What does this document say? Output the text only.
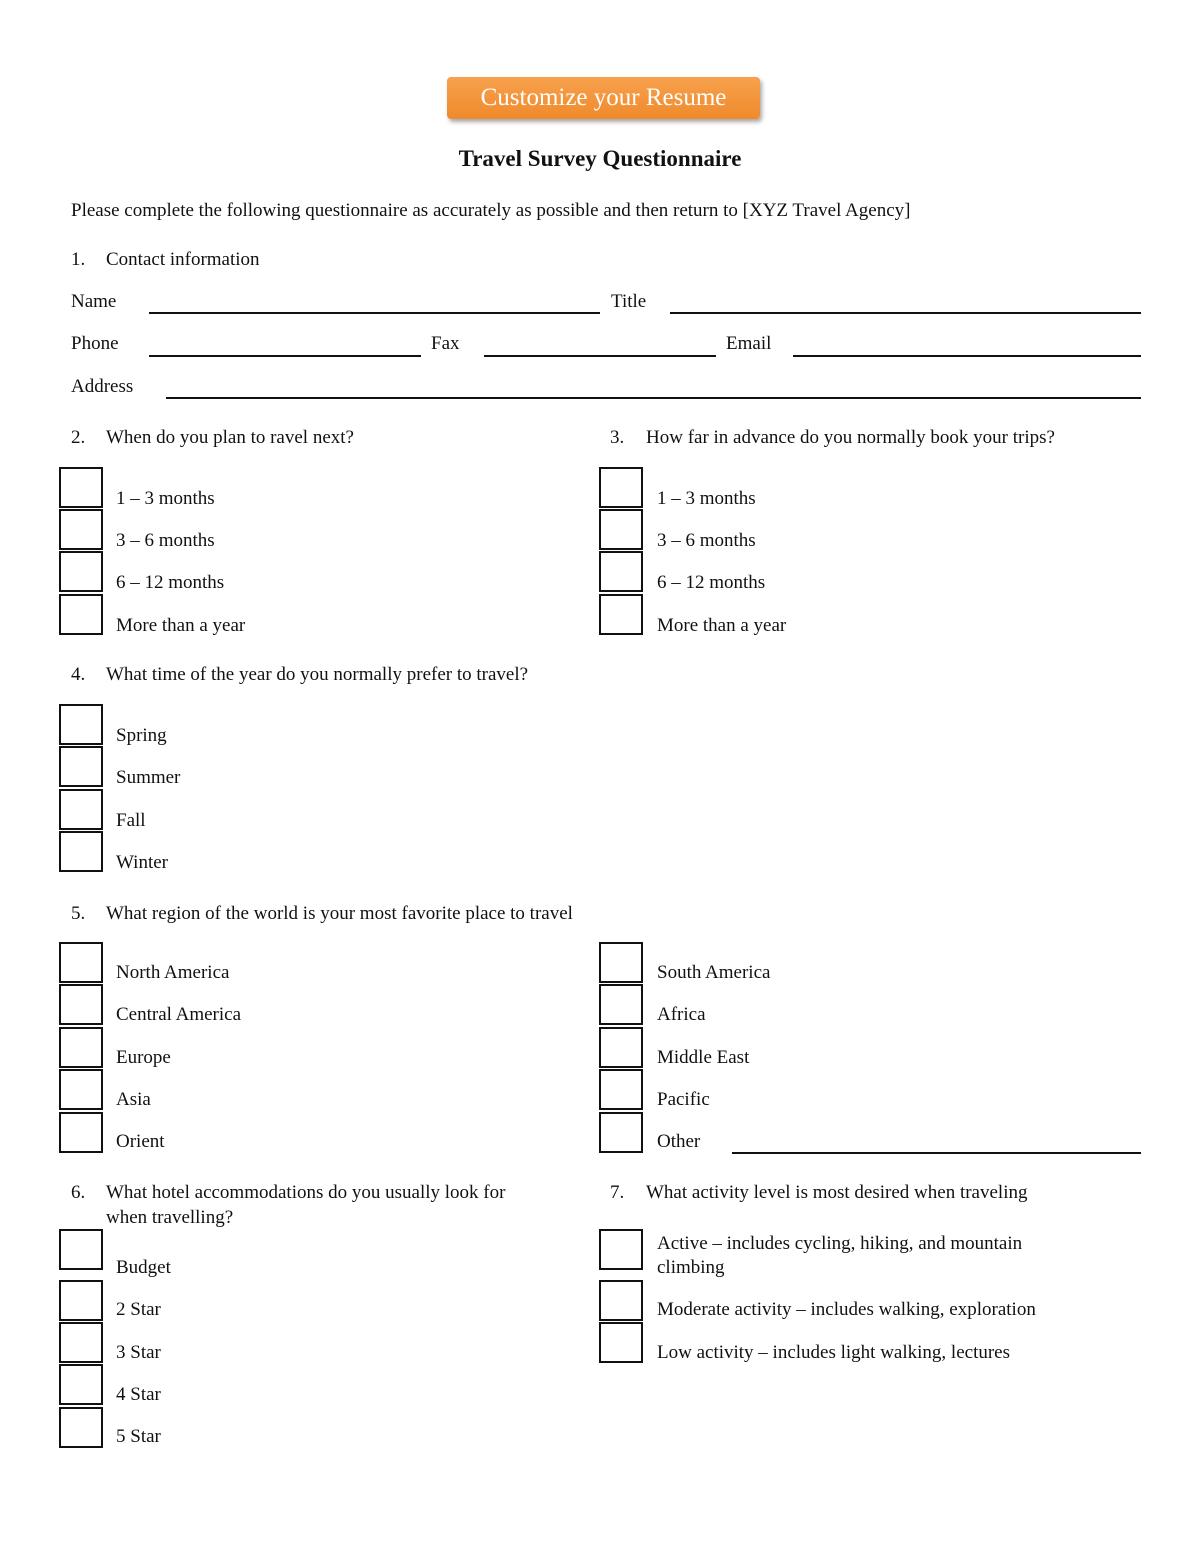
Customize your Resume
Travel Survey Questionnaire
Please complete the following questionnaire as accurately as possible and then return to [XYZ Travel Agency]
1.	Contact information
Name	Title
Phone	Fax	Email
Address
2.	When do you plan to ravel next?
1 – 3 months
3 – 6 months
6 – 12 months
More than a year
3.	How far in advance do you normally book your trips?
1 – 3 months
3 – 6 months
6 – 12 months
More than a year
4.	What time of the year do you normally prefer to travel?
Spring
Summer
Fall
Winter
5.	What region of the world is your most favorite place to travel
North America
Central America
Europe
Asia
Orient
South America
Africa
Middle East
Pacific
Other
6.	What hotel accommodations do you usually look for
when travelling?
Budget
2 Star
3 Star
4 Star
5 Star
7.	What activity level is most desired when traveling
Active – includes cycling, hiking, and mountain
climbing
Moderate activity – includes walking, exploration
Low activity – includes light walking, lectures
